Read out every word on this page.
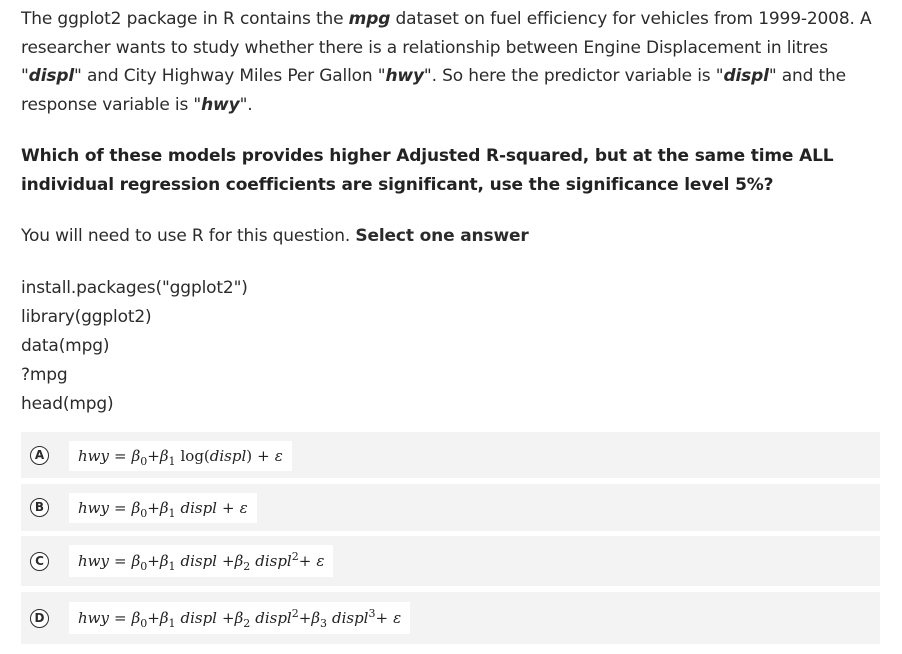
The ggplot2 package in R contains the mpg dataset on fuel efficiency for vehicles from 1999-2008. A researcher wants to study whether there is a relationship between Engine Displacement in litres "displ" and City Highway Miles Per Gallon "hwy". So here the predictor variable is "displ" and the response variable is "hwy".
Which of these models provides higher Adjusted R-squared, but at the same time ALL individual regression coefficients are significant, use the significance level 5%?
You will need to use R for this question. Select one answer
install.packages("ggplot2")
library(ggplot2)
data(mpg)
?mpg
head(mpg)
A	hwy = $\beta_0+\beta_1$ log(displ) + ε
B	hwy = $\beta_0+\beta_1$ displ + ε
C	hwy = $\beta_0+\beta_1$ displ $+\beta_2$ displ$^2$+ ε
D	hwy = $\beta_0+\beta_1$ displ $+\beta_2$ $displ^2+\beta_3$ displ$^3$+ ε
